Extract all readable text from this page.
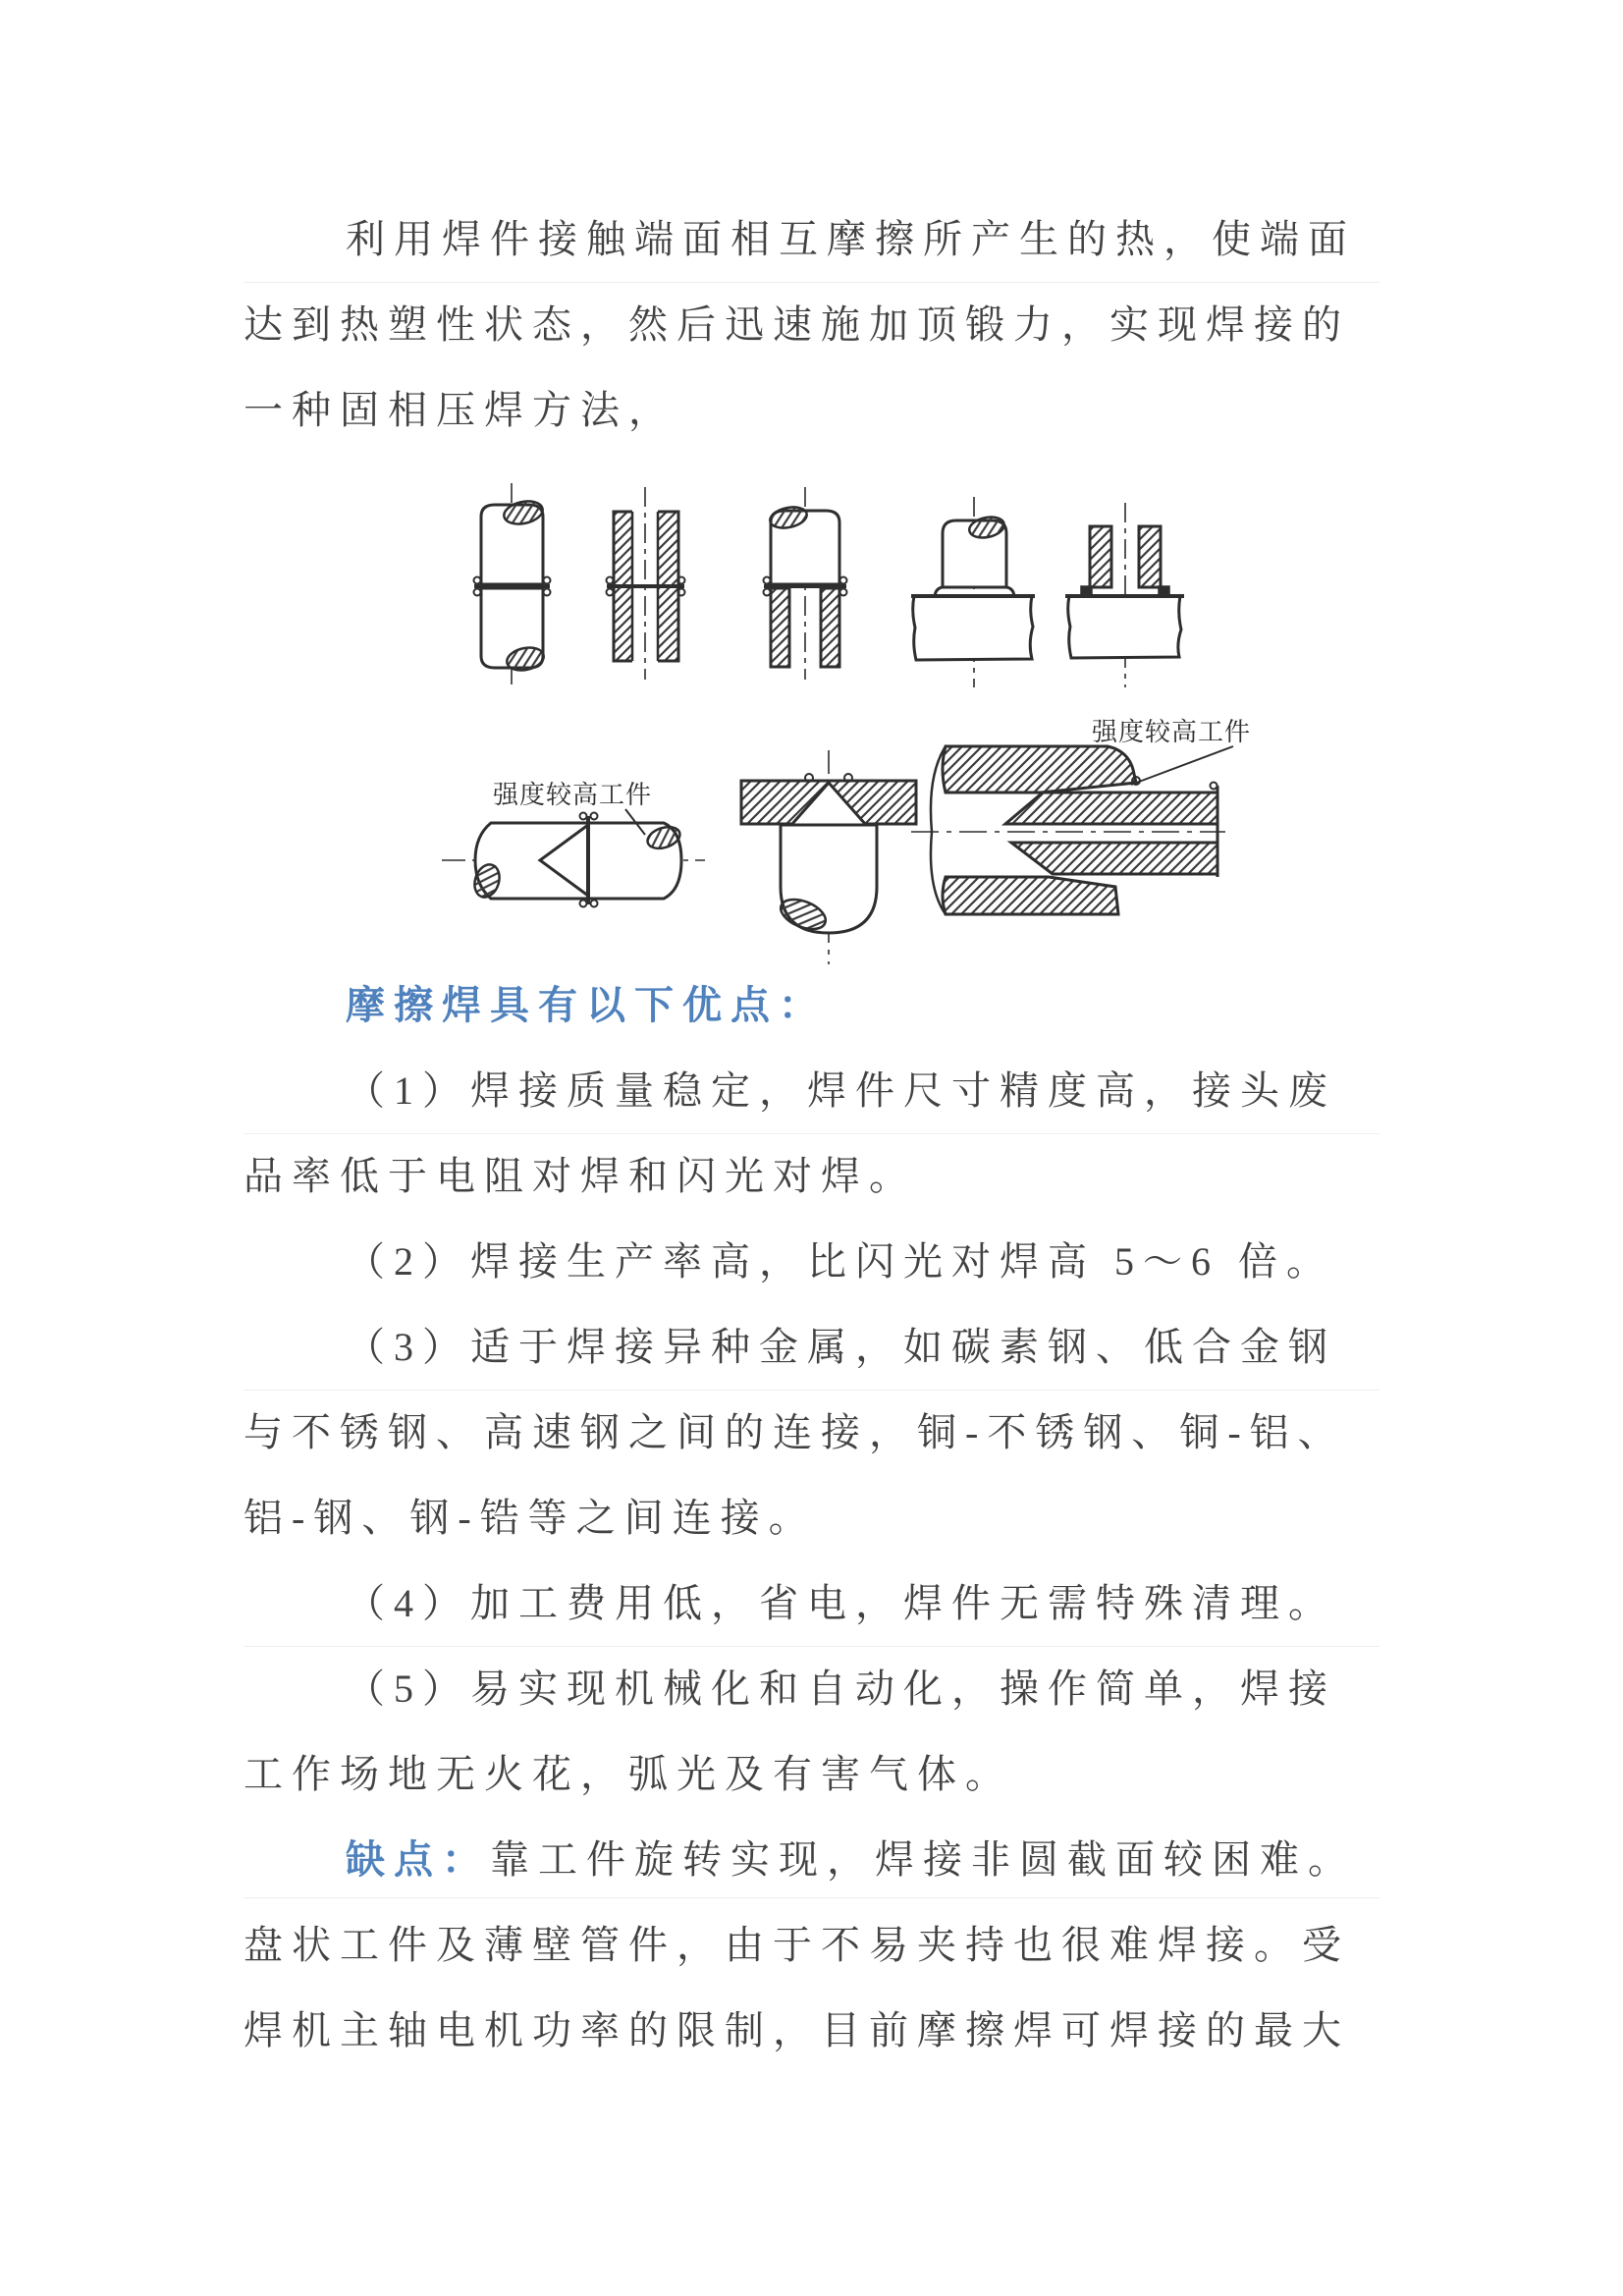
利用焊件接触端面相互摩擦所产生的热，使端面
达到热塑性状态，然后迅速施加顶锻力，实现焊接的
一种固相压焊方法，
强度较高工件
强度较高工件
摩擦焊具有以下优点：
（1）焊接质量稳定，焊件尺寸精度高，接头废
品率低于电阻对焊和闪光对焊。
（2）焊接生产率高，比闪光对焊高 5～6 倍。
（3）适于焊接异种金属，如碳素钢、低合金钢
与不锈钢、高速钢之间的连接，铜-不锈钢、铜-铝、
铝-钢、钢-锆等之间连接。
（4）加工费用低，省电，焊件无需特殊清理。
（5）易实现机械化和自动化，操作简单，焊接
工作场地无火花，弧光及有害气体。
缺点：靠工件旋转实现，焊接非圆截面较困难。
盘状工件及薄壁管件，由于不易夹持也很难焊接。受
焊机主轴电机功率的限制，目前摩擦焊可焊接的最大
